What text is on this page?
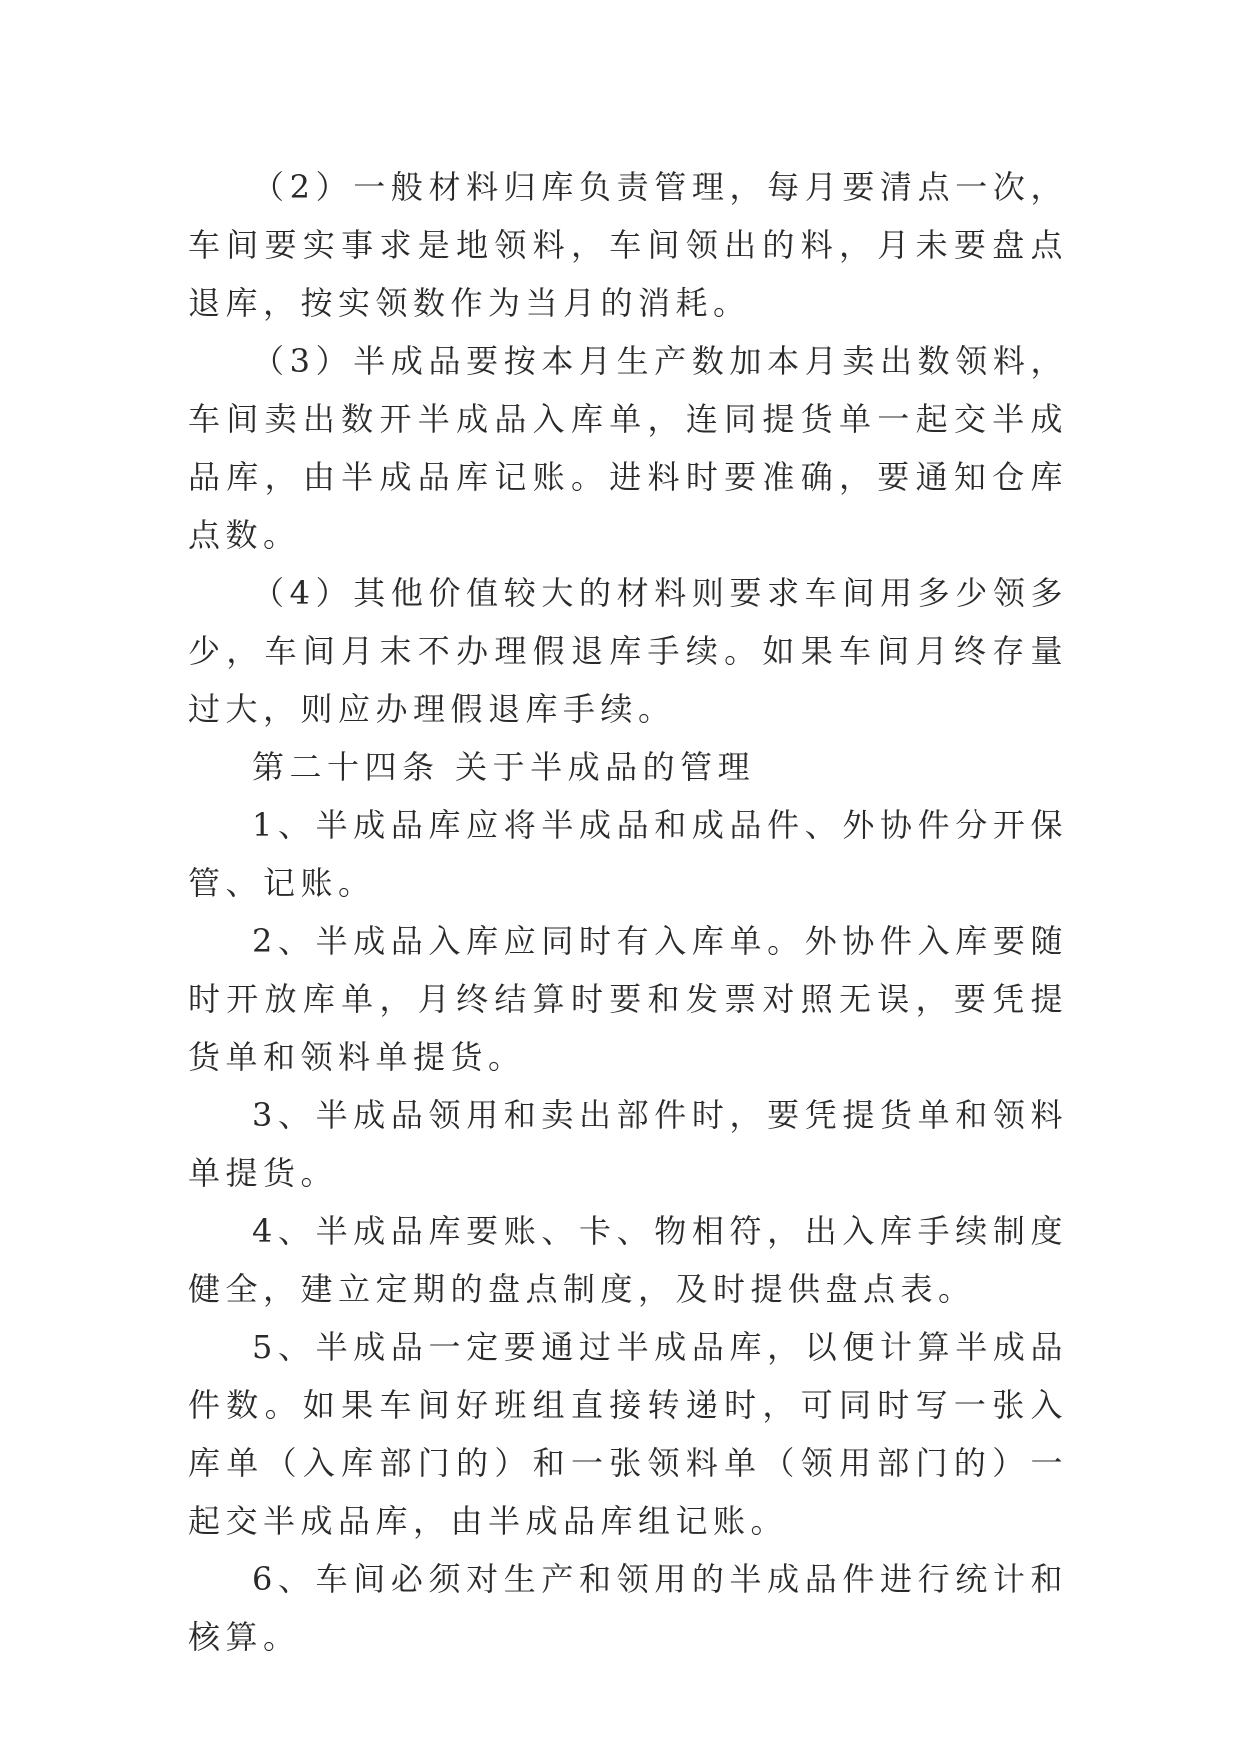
（2）一般材料归库负责管理，每月要清点一次，车间要实事求是地领料，车间领出的料，月未要盘点退库，按实领数作为当月的消耗。

（3）半成品要按本月生产数加本月卖出数领料，车间卖出数开半成品入库单，连同提货单一起交半成品库，由半成品库记账。进料时要准确，要通知仓库点数。

（4）其他价值较大的材料则要求车间用多少领多少，车间月末不办理假退库手续。如果车间月终存量过大，则应办理假退库手续。

第二十四条 关于半成品的管理

1、半成品库应将半成品和成品件、外协件分开保管、记账。

2、半成品入库应同时有入库单。外协件入库要随时开放库单，月终结算时要和发票对照无误，要凭提货单和领料单提货。

3、半成品领用和卖出部件时，要凭提货单和领料单提货。

4、半成品库要账、卡、物相符，出入库手续制度健全，建立定期的盘点制度，及时提供盘点表。

5、半成品一定要通过半成品库，以便计算半成品件数。如果车间好班组直接转递时，可同时写一张入库单（入库部门的）和一张领料单（领用部门的）一起交半成品库，由半成品库组记账。

6、车间必须对生产和领用的半成品件进行统计和核算。
